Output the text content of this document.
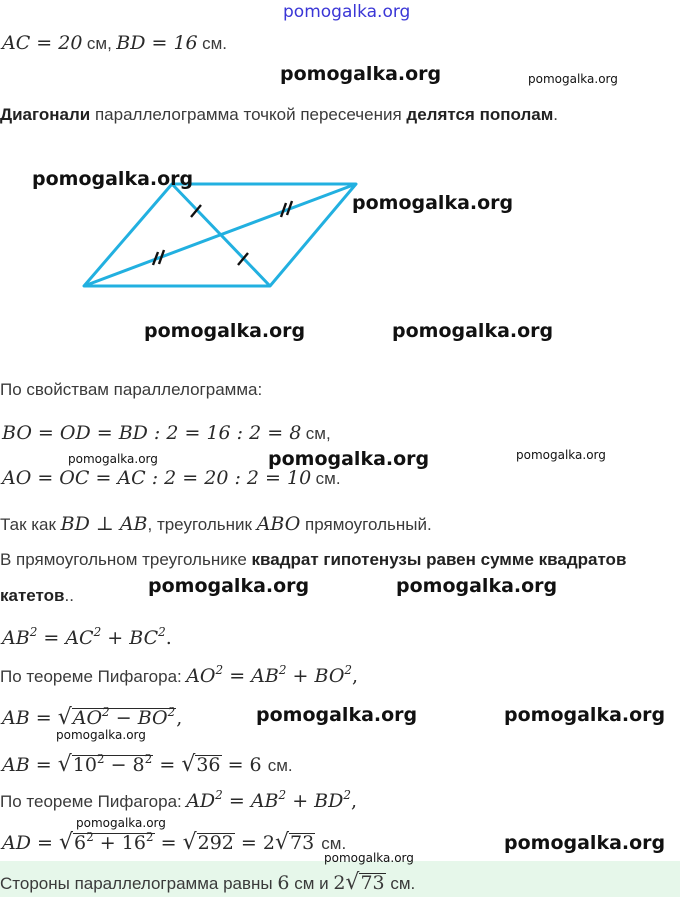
pomogalka.org
AC = 20 см, BD = 16 см.
pomogalka.org	pomogalka.org
Диагонали параллелограмма точкой пересечения делятся пополам.
pomogalka.org
pomogalka.org
pomogalka.org	pomogalka.org
По свойствам параллелограмма:
BO = OD = BD : 2 = 16 : 2 = 8 см,
pomogalka.org	pomogalka.org	pomogalka.org
AO = OC = AC : 2 = 20 : 2 = 10 см.
Так как BD ⊥ AB, треугольник ABO прямоугольный.
В прямоугольном треугольнике квадрат гипотенузы равен сумме квадратов
катетов..	pomogalka.org	pomogalka.org
$AB^2 = AC^2 + BC^2$.
По теореме Пифагора: $AO^2 = AB^2 + BO^2$,
AB = $√AO^2 - BO^2$,	pomogalka.org	pomogalka.org
pomogalka.org
AB = $√10^2 - 8^2 = √36 = 6$ см.
По теореме Пифагора: $AD^2 = AB^2 + BD^2$,
pomogalka.org
AD = $√6^2 + 16^2 = √292 = 2√73$ см.	pomogalka.org
pomogalka.org
Стороны параллелограмма равны 6 см и 2√73 см.
